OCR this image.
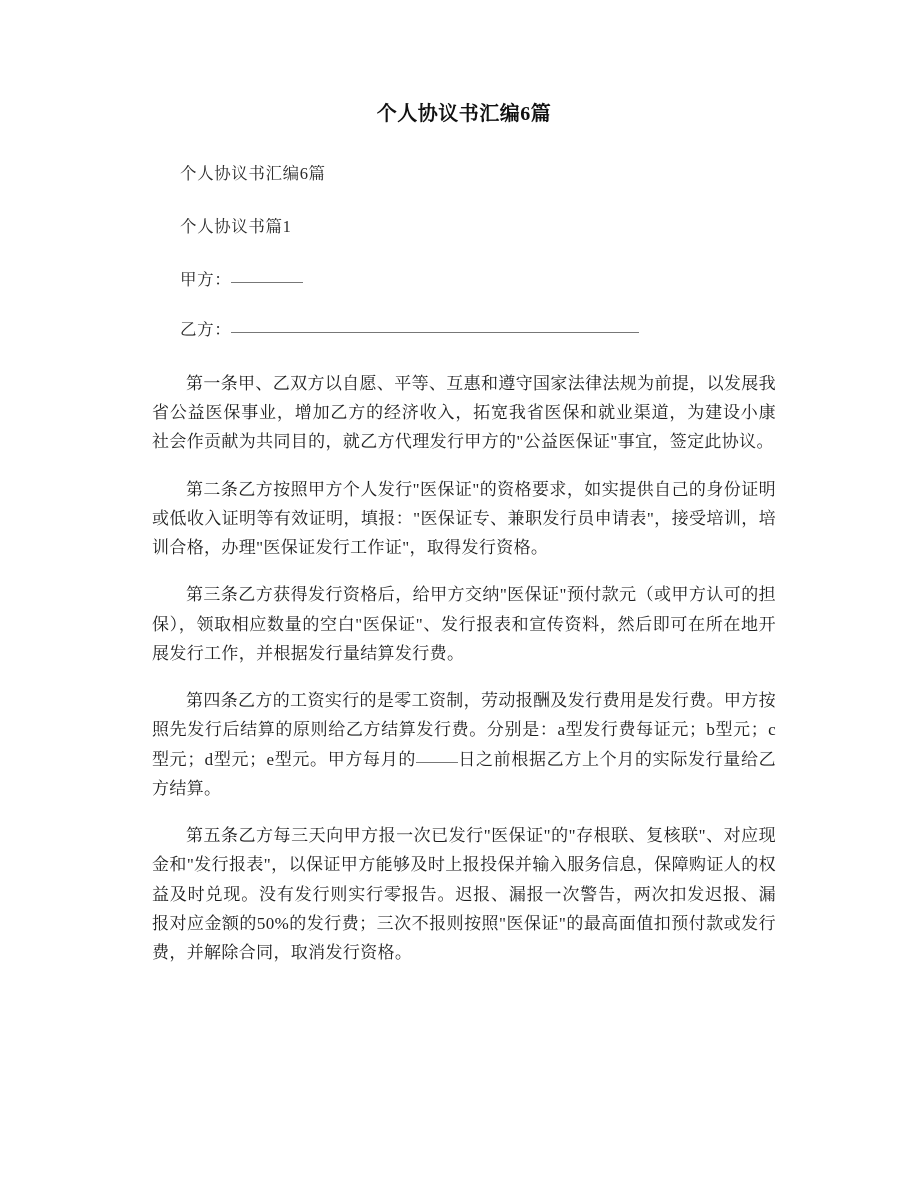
个人协议书汇编6篇

个人协议书汇编6篇

个人协议书篇1

甲方：

乙方：

第一条甲、乙双方以自愿、平等、互惠和遵守国家法律法规为前提，以发展我省公益医保事业，增加乙方的经济收入，拓宽我省医保和就业渠道，为建设小康社会作贡献为共同目的，就乙方代理发行甲方的"公益医保证"事宜，签定此协议。

第二条乙方按照甲方个人发行"医保证"的资格要求，如实提供自己的身份证明或低收入证明等有效证明，填报："医保证专、兼职发行员申请表"，接受培训，培训合格，办理"医保证发行工作证"，取得发行资格。

第三条乙方获得发行资格后，给甲方交纳"医保证"预付款元（或甲方认可的担保），领取相应数量的空白"医保证"、发行报表和宣传资料，然后即可在所在地开展发行工作，并根据发行量结算发行费。

第四条乙方的工资实行的是零工资制，劳动报酬及发行费用是发行费。甲方按照先发行后结算的原则给乙方结算发行费。分别是：a型发行费每证元；b型元；c型元；d型元；e型元。甲方每月的 日之前根据乙方上个月的实际发行量给乙方结算。

第五条乙方每三天向甲方报一次已发行"医保证"的"存根联、复核联"、对应现金和"发行报表"，以保证甲方能够及时上报投保并输入服务信息，保障购证人的权益及时兑现。没有发行则实行零报告。迟报、漏报一次警告，两次扣发迟报、漏报对应金额的50%的发行费；三次不报则按照"医保证"的最高面值扣预付款或发行费，并解除合同，取消发行资格。
